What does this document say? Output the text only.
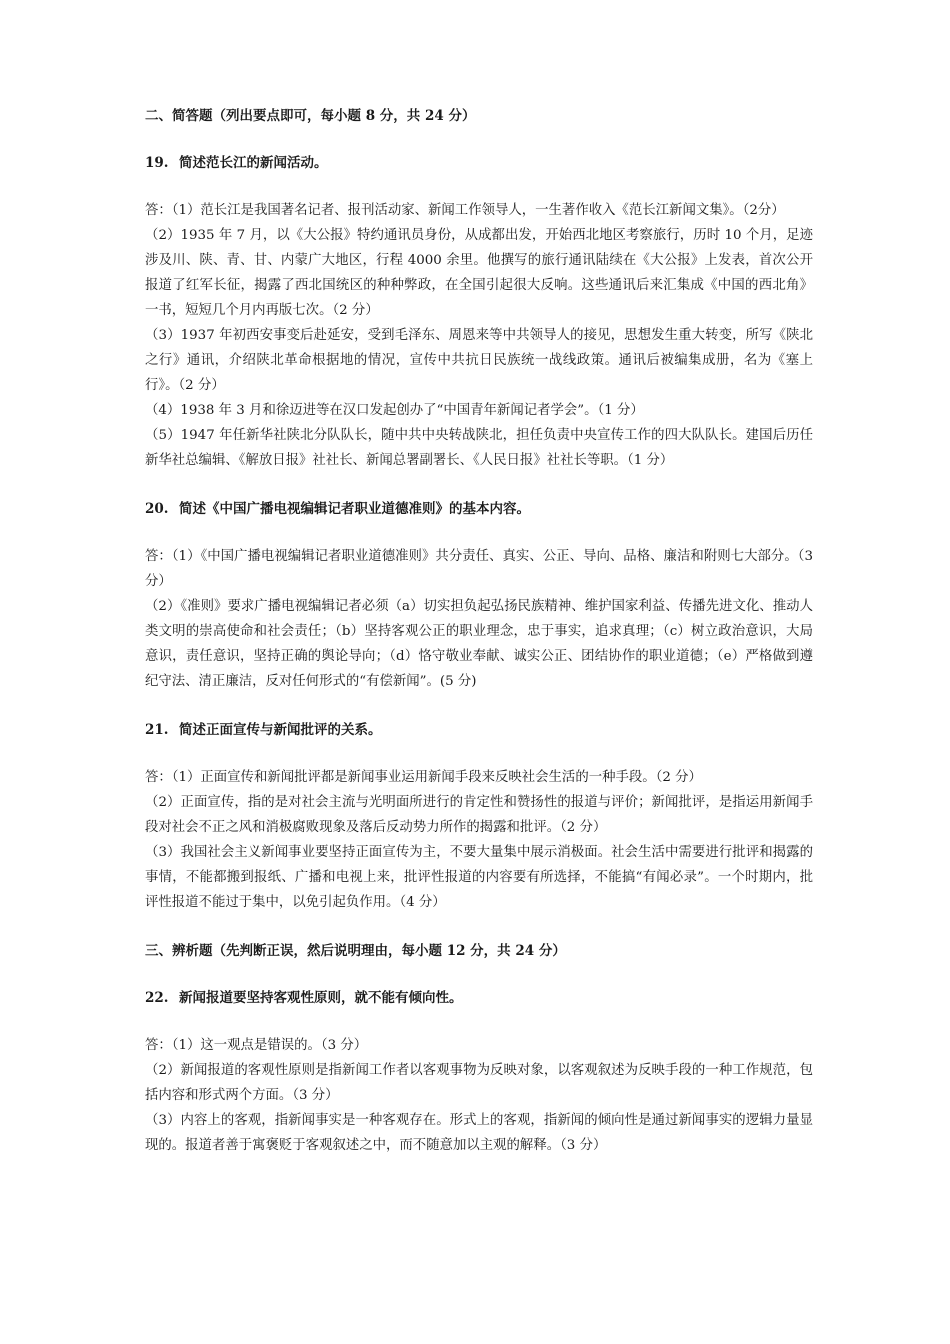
二、简答题（列出要点即可，每小题 8 分，共 24 分）
19. 简述范长江的新闻活动。

答：（1）范长江是我国著名记者、报刊活动家、新闻工作领导人，一生著作收入《范长江新闻文集》。（2分）

（2）1935 年 7 月，以《大公报》特约通讯员身份，从成都出发，开始西北地区考察旅行，历时 10 个月，足迹涉及川、陕、青、甘、内蒙广大地区，行程 4000 余里。他撰写的旅行通讯陆续在《大公报》上发表，首次公开报道了红军长征，揭露了西北国统区的种种弊政，在全国引起很大反响。这些通讯后来汇集成《中国的西北角》一书，短短几个月内再版七次。（2 分）

（3）1937 年初西安事变后赴延安，受到毛泽东、周恩来等中共领导人的接见，思想发生重大转变，所写《陕北之行》通讯，介绍陕北革命根据地的情况，宣传中共抗日民族统一战线政策。通讯后被编集成册，名为《塞上行》。（2 分）

（4）1938 年 3 月和徐迈进等在汉口发起创办了“中国青年新闻记者学会”。（1 分）

（5）1947 年任新华社陕北分队队长，随中共中央转战陕北，担任负责中央宣传工作的四大队队长。建国后历任新华社总编辑、《解放日报》社社长、新闻总署副署长、《人民日报》社社长等职。（1 分）

20. 简述《中国广播电视编辑记者职业道德准则》的基本内容。

答：（1）《中国广播电视编辑记者职业道德准则》共分责任、真实、公正、导向、品格、廉洁和附则七大部分。（3 分）

（2）《准则》要求广播电视编辑记者必须（a）切实担负起弘扬民族精神、维护国家利益、传播先进文化、推动人类文明的崇高使命和社会责任；（b）坚持客观公正的职业理念，忠于事实，追求真理；（c）树立政治意识，大局意识，责任意识，坚持正确的舆论导向；（d）恪守敬业奉献、诚实公正、团结协作的职业道德；（e）严格做到遵纪守法、清正廉洁，反对任何形式的“有偿新闻”。(5 分)

21. 简述正面宣传与新闻批评的关系。

答：（1）正面宣传和新闻批评都是新闻事业运用新闻手段来反映社会生活的一种手段。（2 分）

（2）正面宣传，指的是对社会主流与光明面所进行的肯定性和赞扬性的报道与评价；新闻批评，是指运用新闻手段对社会不正之风和消极腐败现象及落后反动势力所作的揭露和批评。（2 分）

（3）我国社会主义新闻事业要坚持正面宣传为主，不要大量集中展示消极面。社会生活中需要进行批评和揭露的事情，不能都搬到报纸、广播和电视上来，批评性报道的内容要有所选择，不能搞“有闻必录”。一个时期内，批评性报道不能过于集中，以免引起负作用。（4 分）

三、辨析题（先判断正误，然后说明理由，每小题 12 分，共 24 分）
22. 新闻报道要坚持客观性原则，就不能有倾向性。

答：（1）这一观点是错误的。（3 分）

（2）新闻报道的客观性原则是指新闻工作者以客观事物为反映对象，以客观叙述为反映手段的一种工作规范，包括内容和形式两个方面。（3 分）

（3）内容上的客观，指新闻事实是一种客观存在。形式上的客观，指新闻的倾向性是通过新闻事实的逻辑力量显现的。报道者善于寓褒贬于客观叙述之中，而不随意加以主观的解释。（3 分）
